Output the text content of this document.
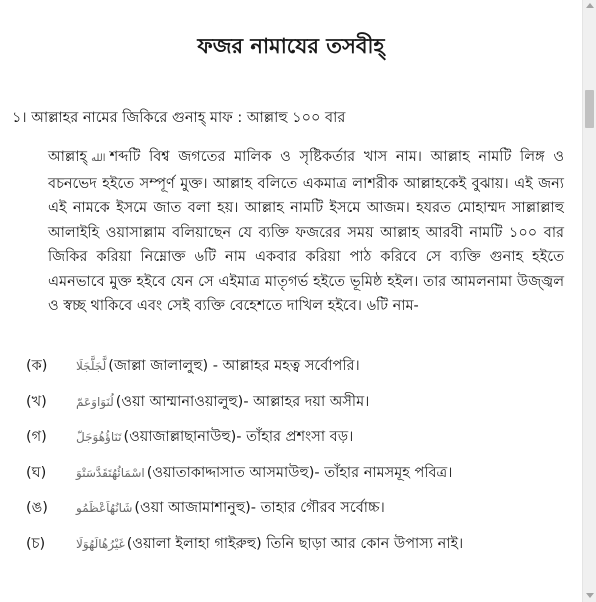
ফজর নামাযের তসবীহ্
১। আল্লাহর নামের জিকিরে গুনাহ্ মাফ : আল্লাহু ১০০ বার
আল্লাহ্ الله শব্দটি বিশ্ব জগতের মালিক ও সৃষ্টিকর্তার খাস নাম। আল্লাহ নামটি লিঙ্গ ও বচনভেদ হইতে সম্পূর্ণ মুক্ত। আল্লাহ বলিতে একমাত্র লাশরীক আল্লাহকেই বুঝায়। এই জন্য এই নামকে ইসমে জাত বলা হয়। আল্লাহ নামটি ইসমে আজম। হযরত মোহাম্মদ সাল্লাল্লাহু আলাইহি ওয়াসাল্লাম বলিয়াছেন যে ব্যক্তি ফজরের সময় আল্লাহ আরবী নামটি ১০০ বার জিকির করিয়া নিম্নোক্ত ৬টি নাম একবার করিয়া পাঠ করিবে সে ব্যক্তি গুনাহ হইতে এমনভাবে মুক্ত হইবে যেন সে এইমাত্র মাতৃগর্ভ হইতে ভূমিষ্ঠ হইল। তার আমলনামা উজ্জ্বল ও স্বচ্ছ থাকিবে এবং সেই ব্যক্তি বেহেশতে দাখিল হইবে। ৬টি নাম-
(ক) لَّجَلَّجَلَا (জাল্লা জালালুহু) - আল্লাহর মহত্ব সর্বোপরি।
(খ) لُنَوَاوَعَمّ (ওয়া আম্মানাওয়ালুহু)- আল্লাহর দয়া অসীম।
(গ) تَنَاؤُهُوَجَلّ (ওয়াজাল্লাছানাউহু)- তাঁহার প্রশংসা বড়।
(ঘ) اسْمَائُهُتَقَدَّسَتْوَ (ওয়াতাকাদ্দাসাত আসমাউহু)- তাঁহার নামসমূহ পবিত্র।
(ঙ) شَانُهُاَعْظَمُو (ওয়া আজামাশানুহু)- তাহার গৌরব সর্বোচ্চ।
(চ)	غَيْرُهُالَهُوَلَا (ওয়ালা ইলাহা গাইরুহু) তিনি ছাড়া আর কোন উপাস্য নাই।
